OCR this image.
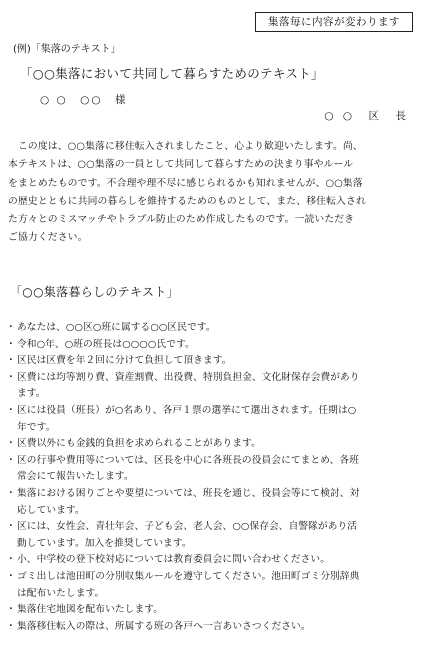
集落毎に内容が変わります
(例)「集落のテキスト」
「○○集落において共同して暮らすためのテキスト」
○ ○　○○　様
○ ○　区　長

　この度は、○○集落に移住転入されましたこと、心より歓迎いたします。尚、
本テキストは、○○集落の一員として共同して暮らすための決まり事やルール
をまとめたものです。不合理や理不尽に感じられるかも知れませんが、○○集落
の歴史とともに共同の暮らしを維持するためのものとして、また、移住転入され
た方々とのミスマッチやトラブル防止のため作成したものです。一読いただき
ご協力ください。

「○○集落暮らしのテキスト」
・ あなたは、○○区○班に属する○○区民です。
・ 令和○年、○班の班長は○○○○氏です。
・ 区民は区費を年２回に分けて負担して頂きます。
・ 区費には均等割り費、資産割費、出役費、特別負担金、文化財保存会費があり
ます。
・ 区には役員（班長）が○名あり、各戸１票の選挙にて選出されます。任期は○
年です。
・ 区費以外にも金銭的負担を求められることがあります。
・ 区の行事や費用等については、区長を中心に各班長の役員会にてまとめ、各班
常会にて報告いたします。
・ 集落における困りごとや要望については、班長を通じ、役員会等にて検討、対
応しています。
・ 区には、女性会、青壮年会、子ども会、老人会、○○保存会、自警隊があり活
動しています。加入を推奨しています。
・ 小、中学校の登下校対応については教育委員会に問い合わせください。
・ ゴミ出しは池田町の分別収集ルールを遵守してください。池田町ゴミ分別辞典
は配布いたします。
・ 集落住宅地図を配布いたします。
・ 集落移住転入の際は、所属する班の各戸へ一言あいさつください。
